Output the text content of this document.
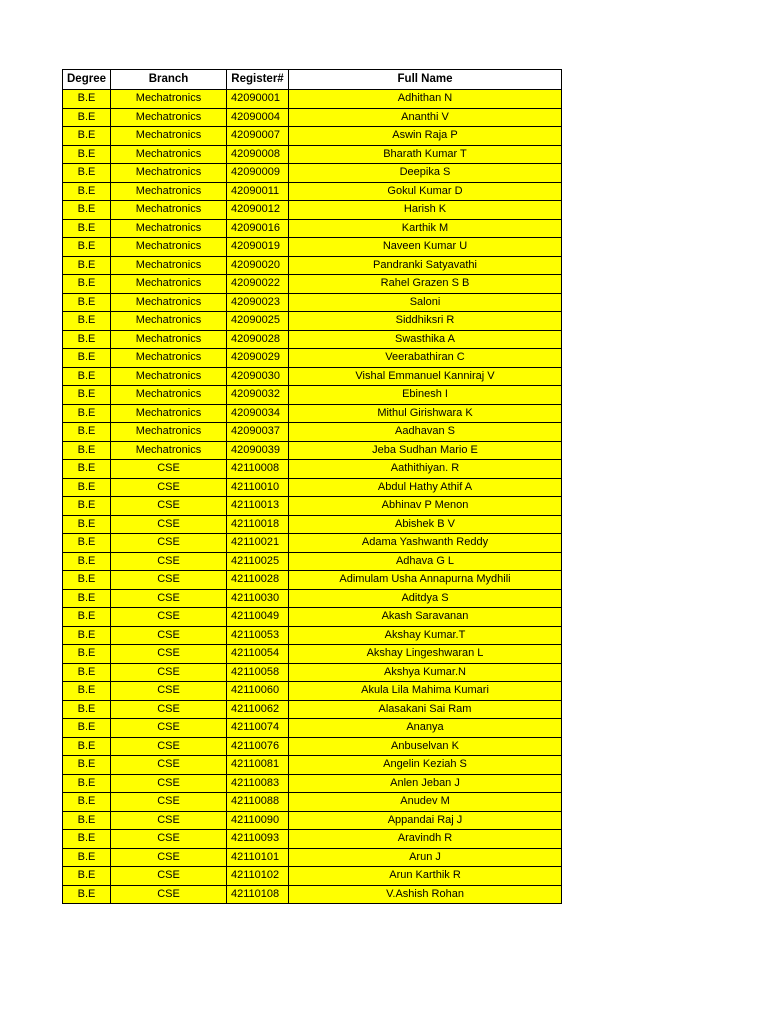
Degree	Branch	Register#	Full Name
B.E	Mechatronics	42090001	Adhithan N
B.E	Mechatronics	42090004	Ananthi V
B.E	Mechatronics	42090007	Aswin Raja P
B.E	Mechatronics	42090008	Bharath Kumar T
B.E	Mechatronics	42090009	Deepika S
B.E	Mechatronics	42090011	Gokul Kumar D
B.E	Mechatronics	42090012	Harish K
B.E	Mechatronics	42090016	Karthik M
B.E	Mechatronics	42090019	Naveen Kumar U
B.E	Mechatronics	42090020	Pandranki Satyavathi
B.E	Mechatronics	42090022	Rahel Grazen S B
B.E	Mechatronics	42090023	Saloni
B.E	Mechatronics	42090025	Siddhiksri R
B.E	Mechatronics	42090028	Swasthika A
B.E	Mechatronics	42090029	Veerabathiran C
B.E	Mechatronics	42090030	Vishal Emmanuel Kanniraj V
B.E	Mechatronics	42090032	Ebinesh I
B.E	Mechatronics	42090034	Mithul Girishwara K
B.E	Mechatronics	42090037	Aadhavan S
B.E	Mechatronics	42090039	Jeba Sudhan Mario E
B.E	CSE	42110008	Aathithiyan. R
B.E	CSE	42110010	Abdul Hathy Athif A
B.E	CSE	42110013	Abhinav P Menon
B.E	CSE	42110018	Abishek B V
B.E	CSE	42110021	Adama Yashwanth Reddy
B.E	CSE	42110025	Adhava G L
B.E	CSE	42110028	Adimulam Usha Annapurna Mydhili
B.E	CSE	42110030	Aditdya S
B.E	CSE	42110049	Akash Saravanan
B.E	CSE	42110053	Akshay Kumar.T
B.E	CSE	42110054	Akshay Lingeshwaran L
B.E	CSE	42110058	Akshya Kumar.N
B.E	CSE	42110060	Akula Lila Mahima Kumari
B.E	CSE	42110062	Alasakani Sai Ram
B.E	CSE	42110074	Ananya
B.E	CSE	42110076	Anbuselvan K
B.E	CSE	42110081	Angelin Keziah S
B.E	CSE	42110083	Anlen Jeban J
B.E	CSE	42110088	Anudev M
B.E	CSE	42110090	Appandai Raj J
B.E	CSE	42110093	Aravindh R
B.E	CSE	42110101	Arun J
B.E	CSE	42110102	Arun Karthik R
B.E	CSE	42110108	V.Ashish Rohan
